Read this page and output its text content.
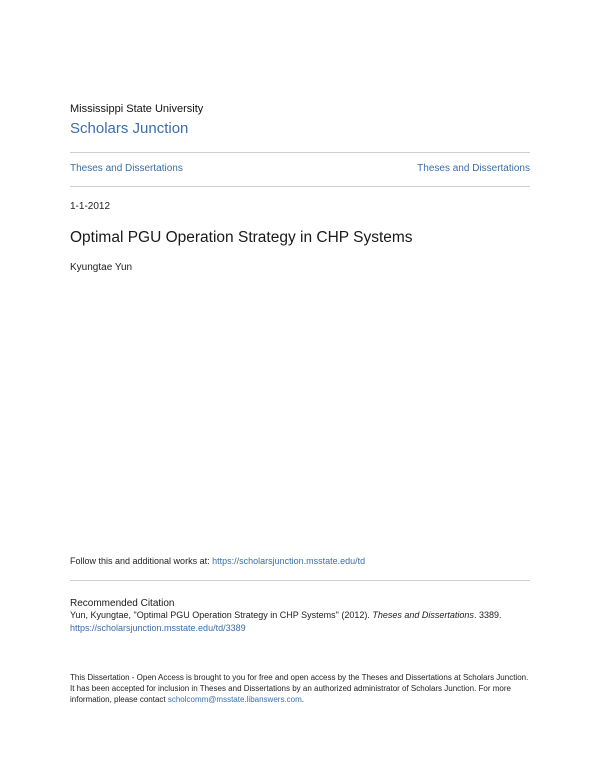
Mississippi State University
Scholars Junction
Theses and Dissertations	Theses and Dissertations
1-1-2012
Optimal PGU Operation Strategy in CHP Systems
Kyungtae Yun
Follow this and additional works at: https://scholarsjunction.msstate.edu/td
Recommended Citation
Yun, Kyungtae, "Optimal PGU Operation Strategy in CHP Systems" (2012). Theses and Dissertations. 3389.
https://scholarsjunction.msstate.edu/td/3389
This Dissertation - Open Access is brought to you for free and open access by the Theses and Dissertations at Scholars Junction. It has been accepted for inclusion in Theses and Dissertations by an authorized administrator of Scholars Junction. For more information, please contact scholcomm@msstate.libanswers.com.
